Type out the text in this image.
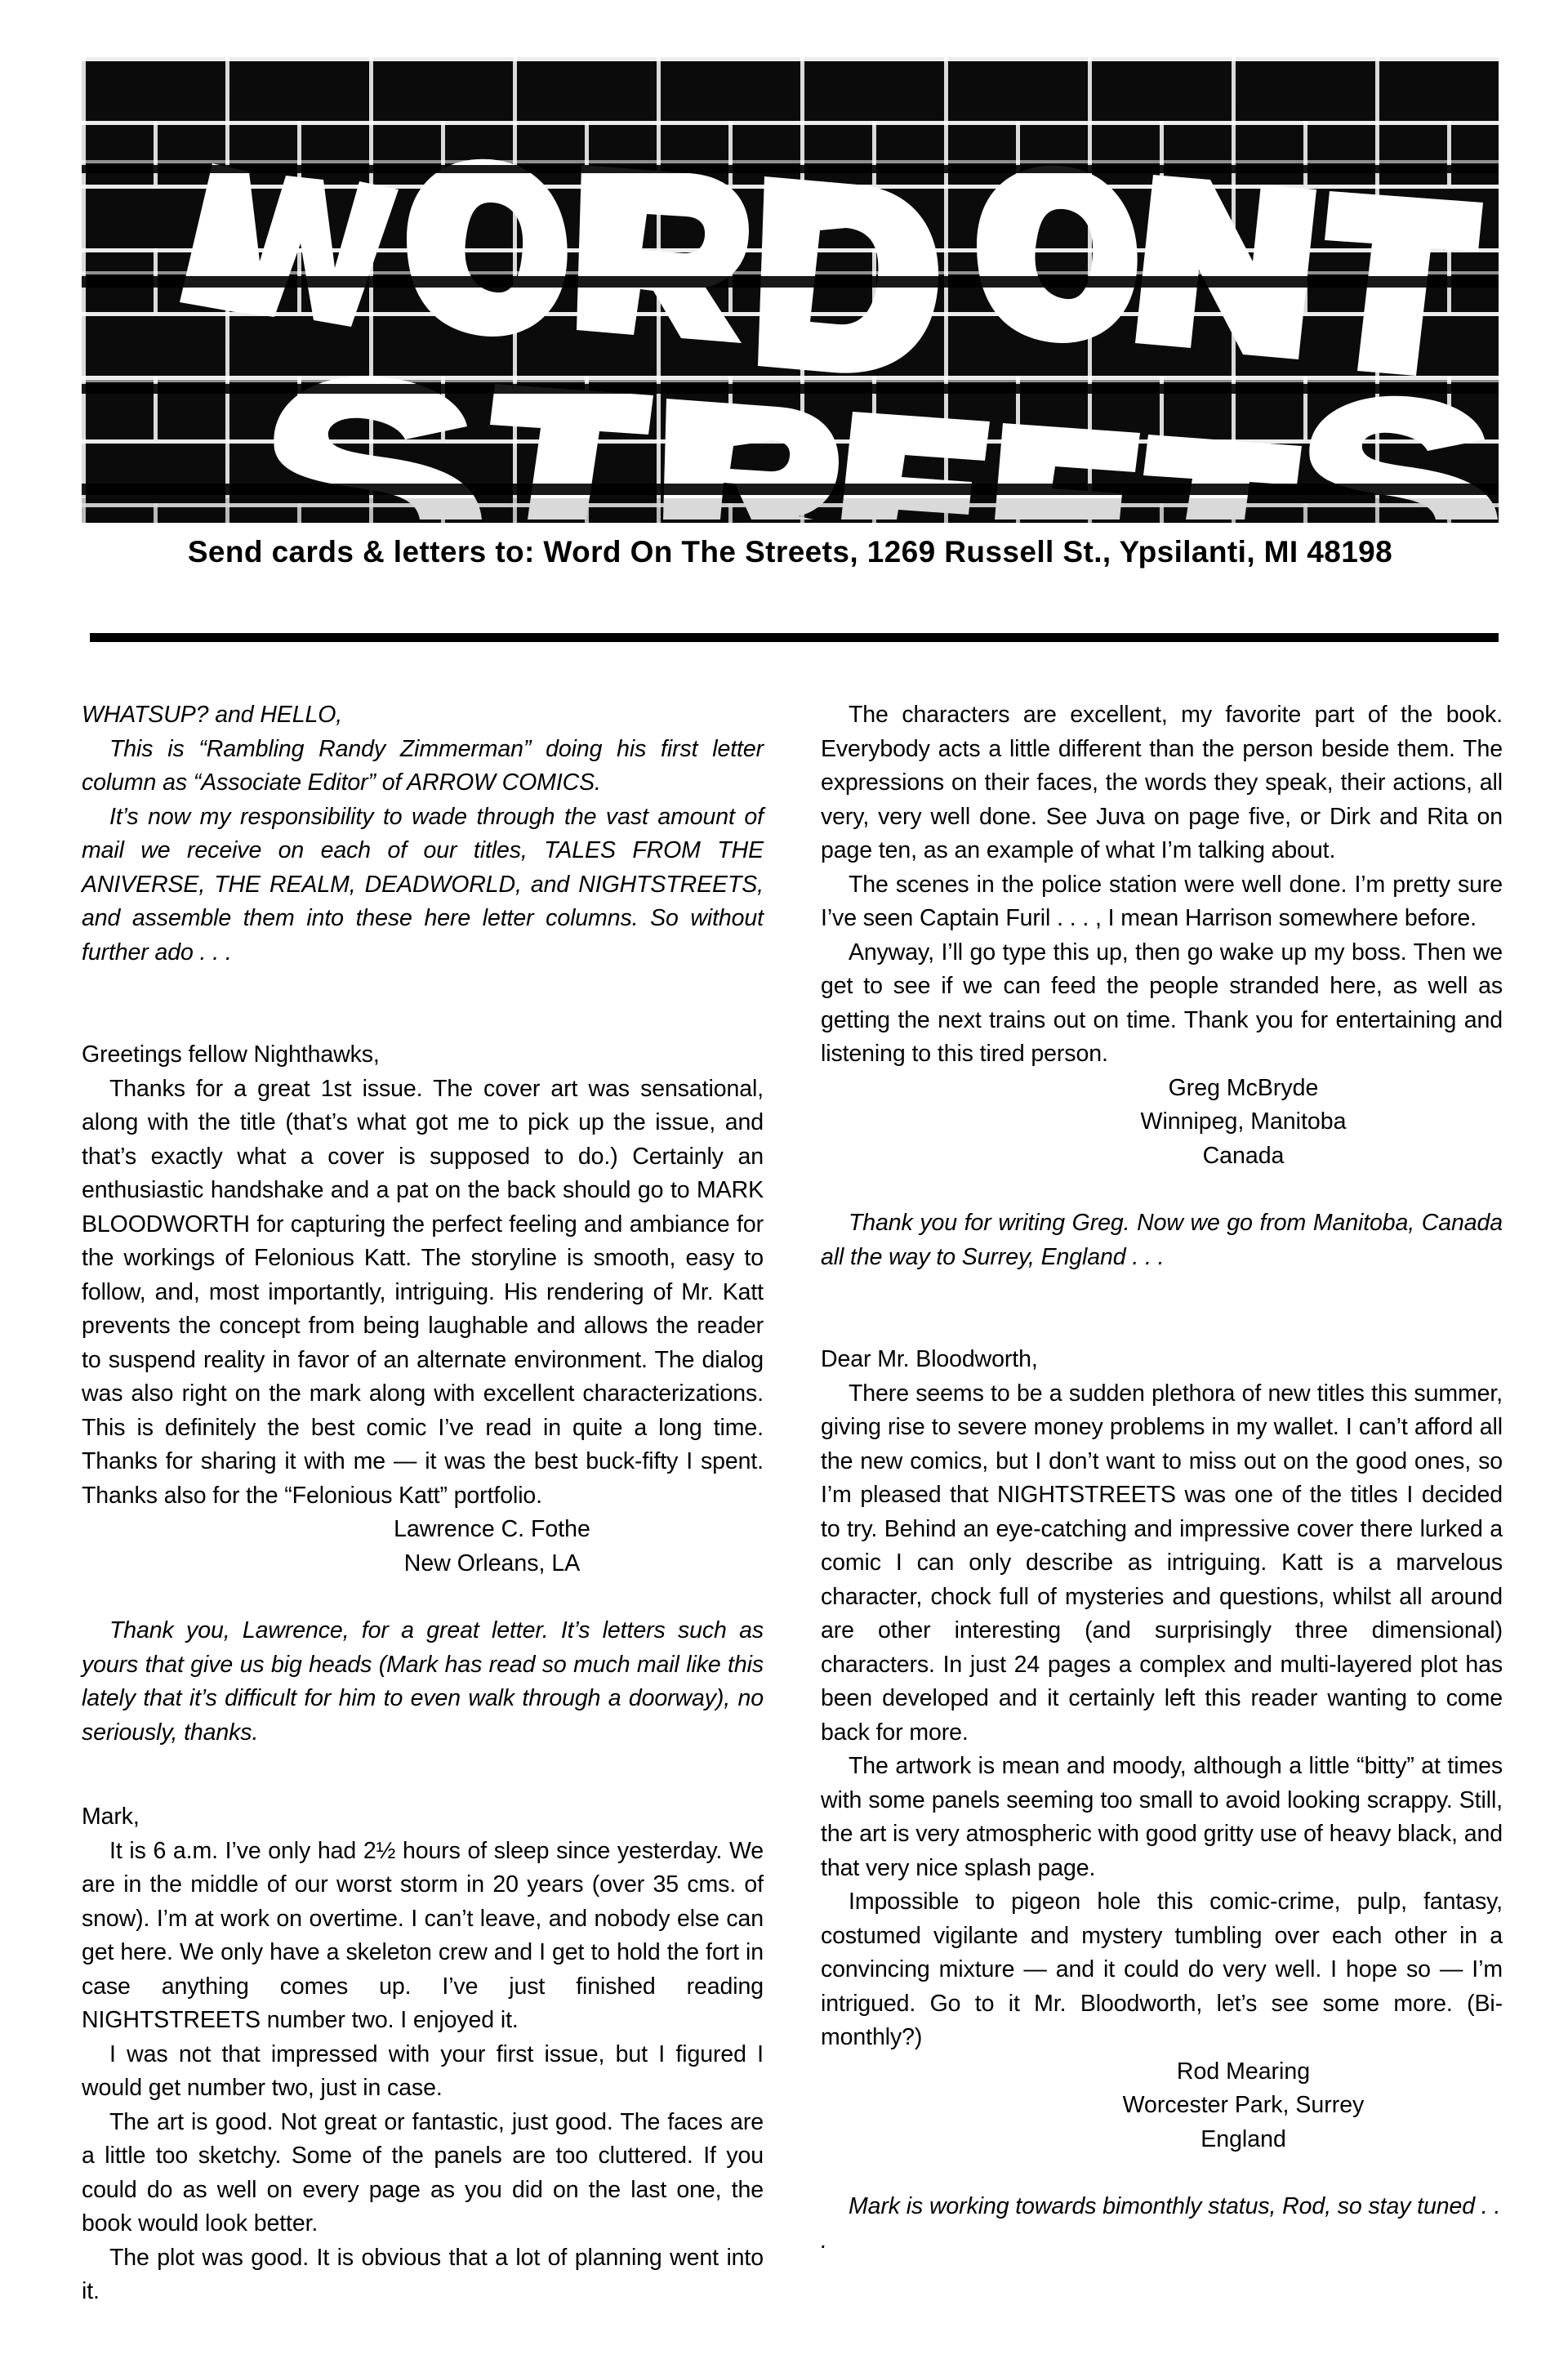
Send cards & letters to: Word On The Streets, 1269 Russell St., Ypsilanti, MI 48198

WHATSUP? and HELLO,

This is “Rambling Randy Zimmerman” doing his first letter column as “Associate Editor” of ARROW COMICS.

It’s now my responsibility to wade through the vast amount of mail we receive on each of our titles, TALES FROM THE ANIVERSE, THE REALM, DEADWORLD, and NIGHTSTREETS, and assemble them into these here letter columns. So without further ado . . .

Greetings fellow Nighthawks,

Thanks for a great 1st issue. The cover art was sensational, along with the title (that’s what got me to pick up the issue, and that’s exactly what a cover is supposed to do.) Certainly an enthusiastic handshake and a pat on the back should go to MARK BLOODWORTH for capturing the perfect feeling and ambiance for the workings of Felonious Katt. The storyline is smooth, easy to follow, and, most importantly, intriguing. His rendering of Mr. Katt prevents the concept from being laughable and allows the reader to suspend reality in favor of an alternate environment. The dialog was also right on the mark along with excellent characterizations. This is definitely the best comic I’ve read in quite a long time. Thanks for sharing it with me — it was the best buck-fifty I spent. Thanks also for the “Felonious Katt” portfolio.

Lawrence C. Fothe

New Orleans, LA

Thank you, Lawrence, for a great letter. It’s letters such as yours that give us big heads (Mark has read so much mail like this lately that it’s difficult for him to even walk through a doorway), no seriously, thanks.

Mark,

It is 6 a.m. I’ve only had 2½ hours of sleep since yesterday. We are in the middle of our worst storm in 20 years (over 35 cms. of snow). I’m at work on overtime. I can’t leave, and nobody else can get here. We only have a skeleton crew and I get to hold the fort in case anything comes up. I’ve just finished reading NIGHTSTREETS number two. I enjoyed it.

I was not that impressed with your first issue, but I figured I would get number two, just in case.

The art is good. Not great or fantastic, just good. The faces are a little too sketchy. Some of the panels are too cluttered. If you could do as well on every page as you did on the last one, the book would look better.

The plot was good. It is obvious that a lot of planning went into it.

The characters are excellent, my favorite part of the book. Everybody acts a little different than the person beside them. The expressions on their faces, the words they speak, their actions, all very, very well done. See Juva on page five, or Dirk and Rita on page ten, as an example of what I’m talking about.

The scenes in the police station were well done. I’m pretty sure I’ve seen Captain Furil . . . , I mean Harrison somewhere before.

Anyway, I’ll go type this up, then go wake up my boss. Then we get to see if we can feed the people stranded here, as well as getting the next trains out on time. Thank you for entertaining and listening to this tired person.

Greg McBryde

Winnipeg, Manitoba

Canada

Thank you for writing Greg. Now we go from Manitoba, Canada all the way to Surrey, England . . .

Dear Mr. Bloodworth,

There seems to be a sudden plethora of new titles this summer, giving rise to severe money problems in my wallet. I can’t afford all the new comics, but I don’t want to miss out on the good ones, so I’m pleased that NIGHTSTREETS was one of the titles I decided to try. Behind an eye-catching and impressive cover there lurked a comic I can only describe as intriguing. Katt is a marvelous character, chock full of mysteries and questions, whilst all around are other interesting (and surprisingly three dimensional) characters. In just 24 pages a complex and multi-layered plot has been developed and it certainly left this reader wanting to come back for more.

The artwork is mean and moody, although a little “bitty” at times with some panels seeming too small to avoid looking scrappy. Still, the art is very atmospheric with good gritty use of heavy black, and that very nice splash page.

Impossible to pigeon hole this comic-crime, pulp, fantasy, costumed vigilante and mystery tumbling over each other in a convincing mixture — and it could do very well. I hope so — I’m intrigued. Go to it Mr. Bloodworth, let’s see some more. (Bi-monthly?)

Rod Mearing

Worcester Park, Surrey

England

Mark is working towards bimonthly status, Rod, so stay tuned . . .
